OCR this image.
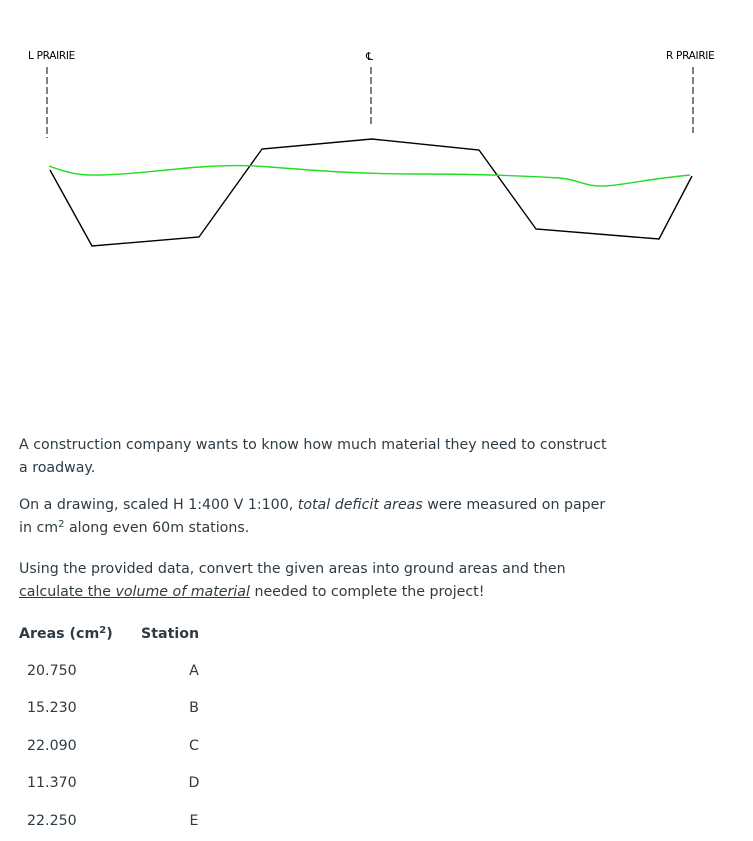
L PRAIRIE	R PRAIRIE
℄

A construction company wants to know how much material they need to construct a roadway.

On a drawing, scaled H 1:400 V 1:100, total deficit areas were measured on paper in $cm^2$ along even 60m stations.

Using the provided data, convert the given areas into ground areas and then calculate the volume of material needed to complete the project!

Areas $(cm^2)$ Station
20.750	A
15.230	B
22.090	C
11.370	D
22.250	E
